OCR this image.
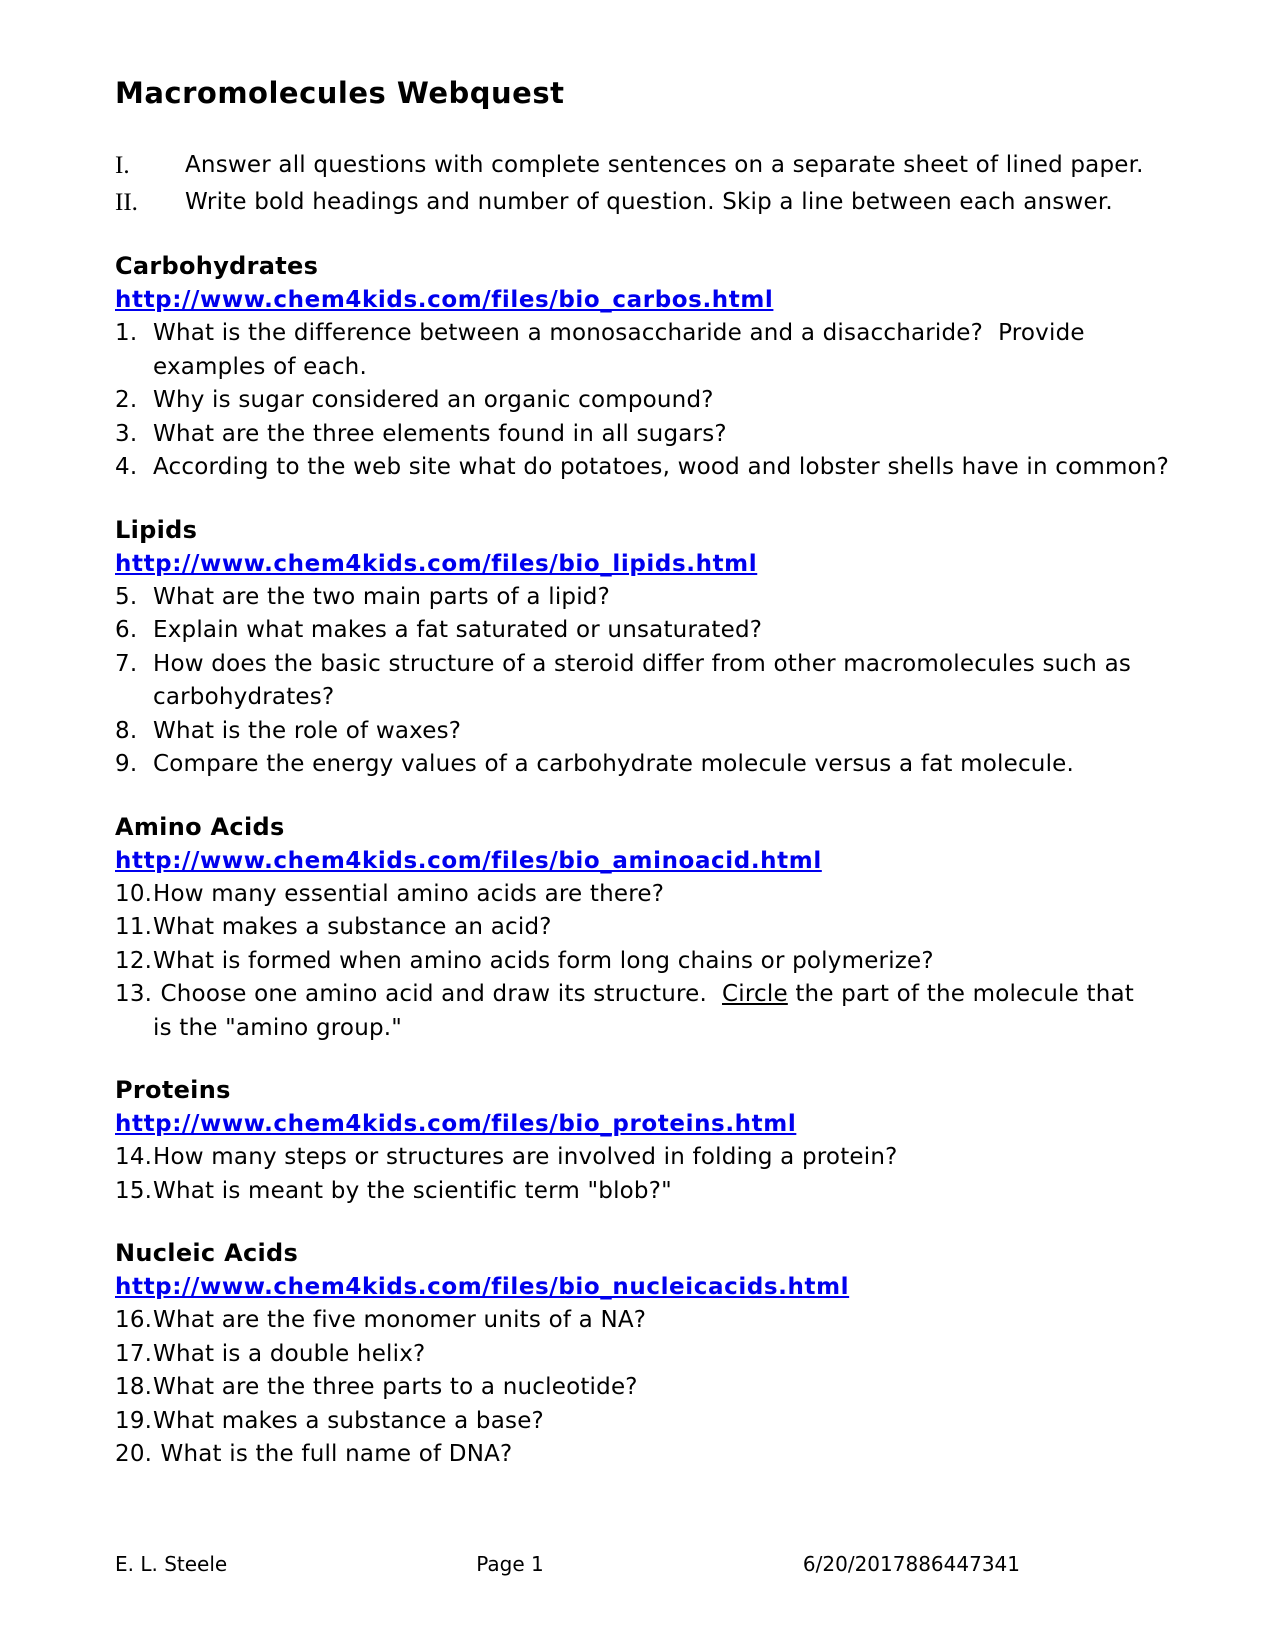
Macromolecules Webquest
I.	Answer all questions with complete sentences on a separate sheet of lined paper.
II.	Write bold headings and number of question. Skip a line between each answer.
Carbohydrates
http://www.chem4kids.com/files/bio_carbos.html
1. What is the difference between a monosaccharide and a disaccharide?  Provide
examples of each.
2. Why is sugar considered an organic compound?
3. What are the three elements found in all sugars?
4. According to the web site what do potatoes, wood and lobster shells have in common?
Lipids
http://www.chem4kids.com/files/bio_lipids.html
5. What are the two main parts of a lipid?
6. Explain what makes a fat saturated or unsaturated?
7. How does the basic structure of a steroid differ from other macromolecules such as
carbohydrates?
8. What is the role of waxes?
9. Compare the energy values of a carbohydrate molecule versus a fat molecule.
Amino Acids
http://www.chem4kids.com/files/bio_aminoacid.html
10. How many essential amino acids are there?
11. What makes a substance an acid?
12. What is formed when amino acids form long chains or polymerize?
13. Choose one amino acid and draw its structure.  Circle the part of the molecule that
is the "amino group."
Proteins
http://www.chem4kids.com/files/bio_proteins.html
14. How many steps or structures are involved in folding a protein?
15. What is meant by the scientific term "blob?"
Nucleic Acids
http://www.chem4kids.com/files/bio_nucleicacids.html
16. What are the five monomer units of a NA?
17. What is a double helix?
18. What are the three parts to a nucleotide?
19. What makes a substance a base?
20. What is the full name of DNA?
E. L. Steele	Page 1	6/20/2017886447341
